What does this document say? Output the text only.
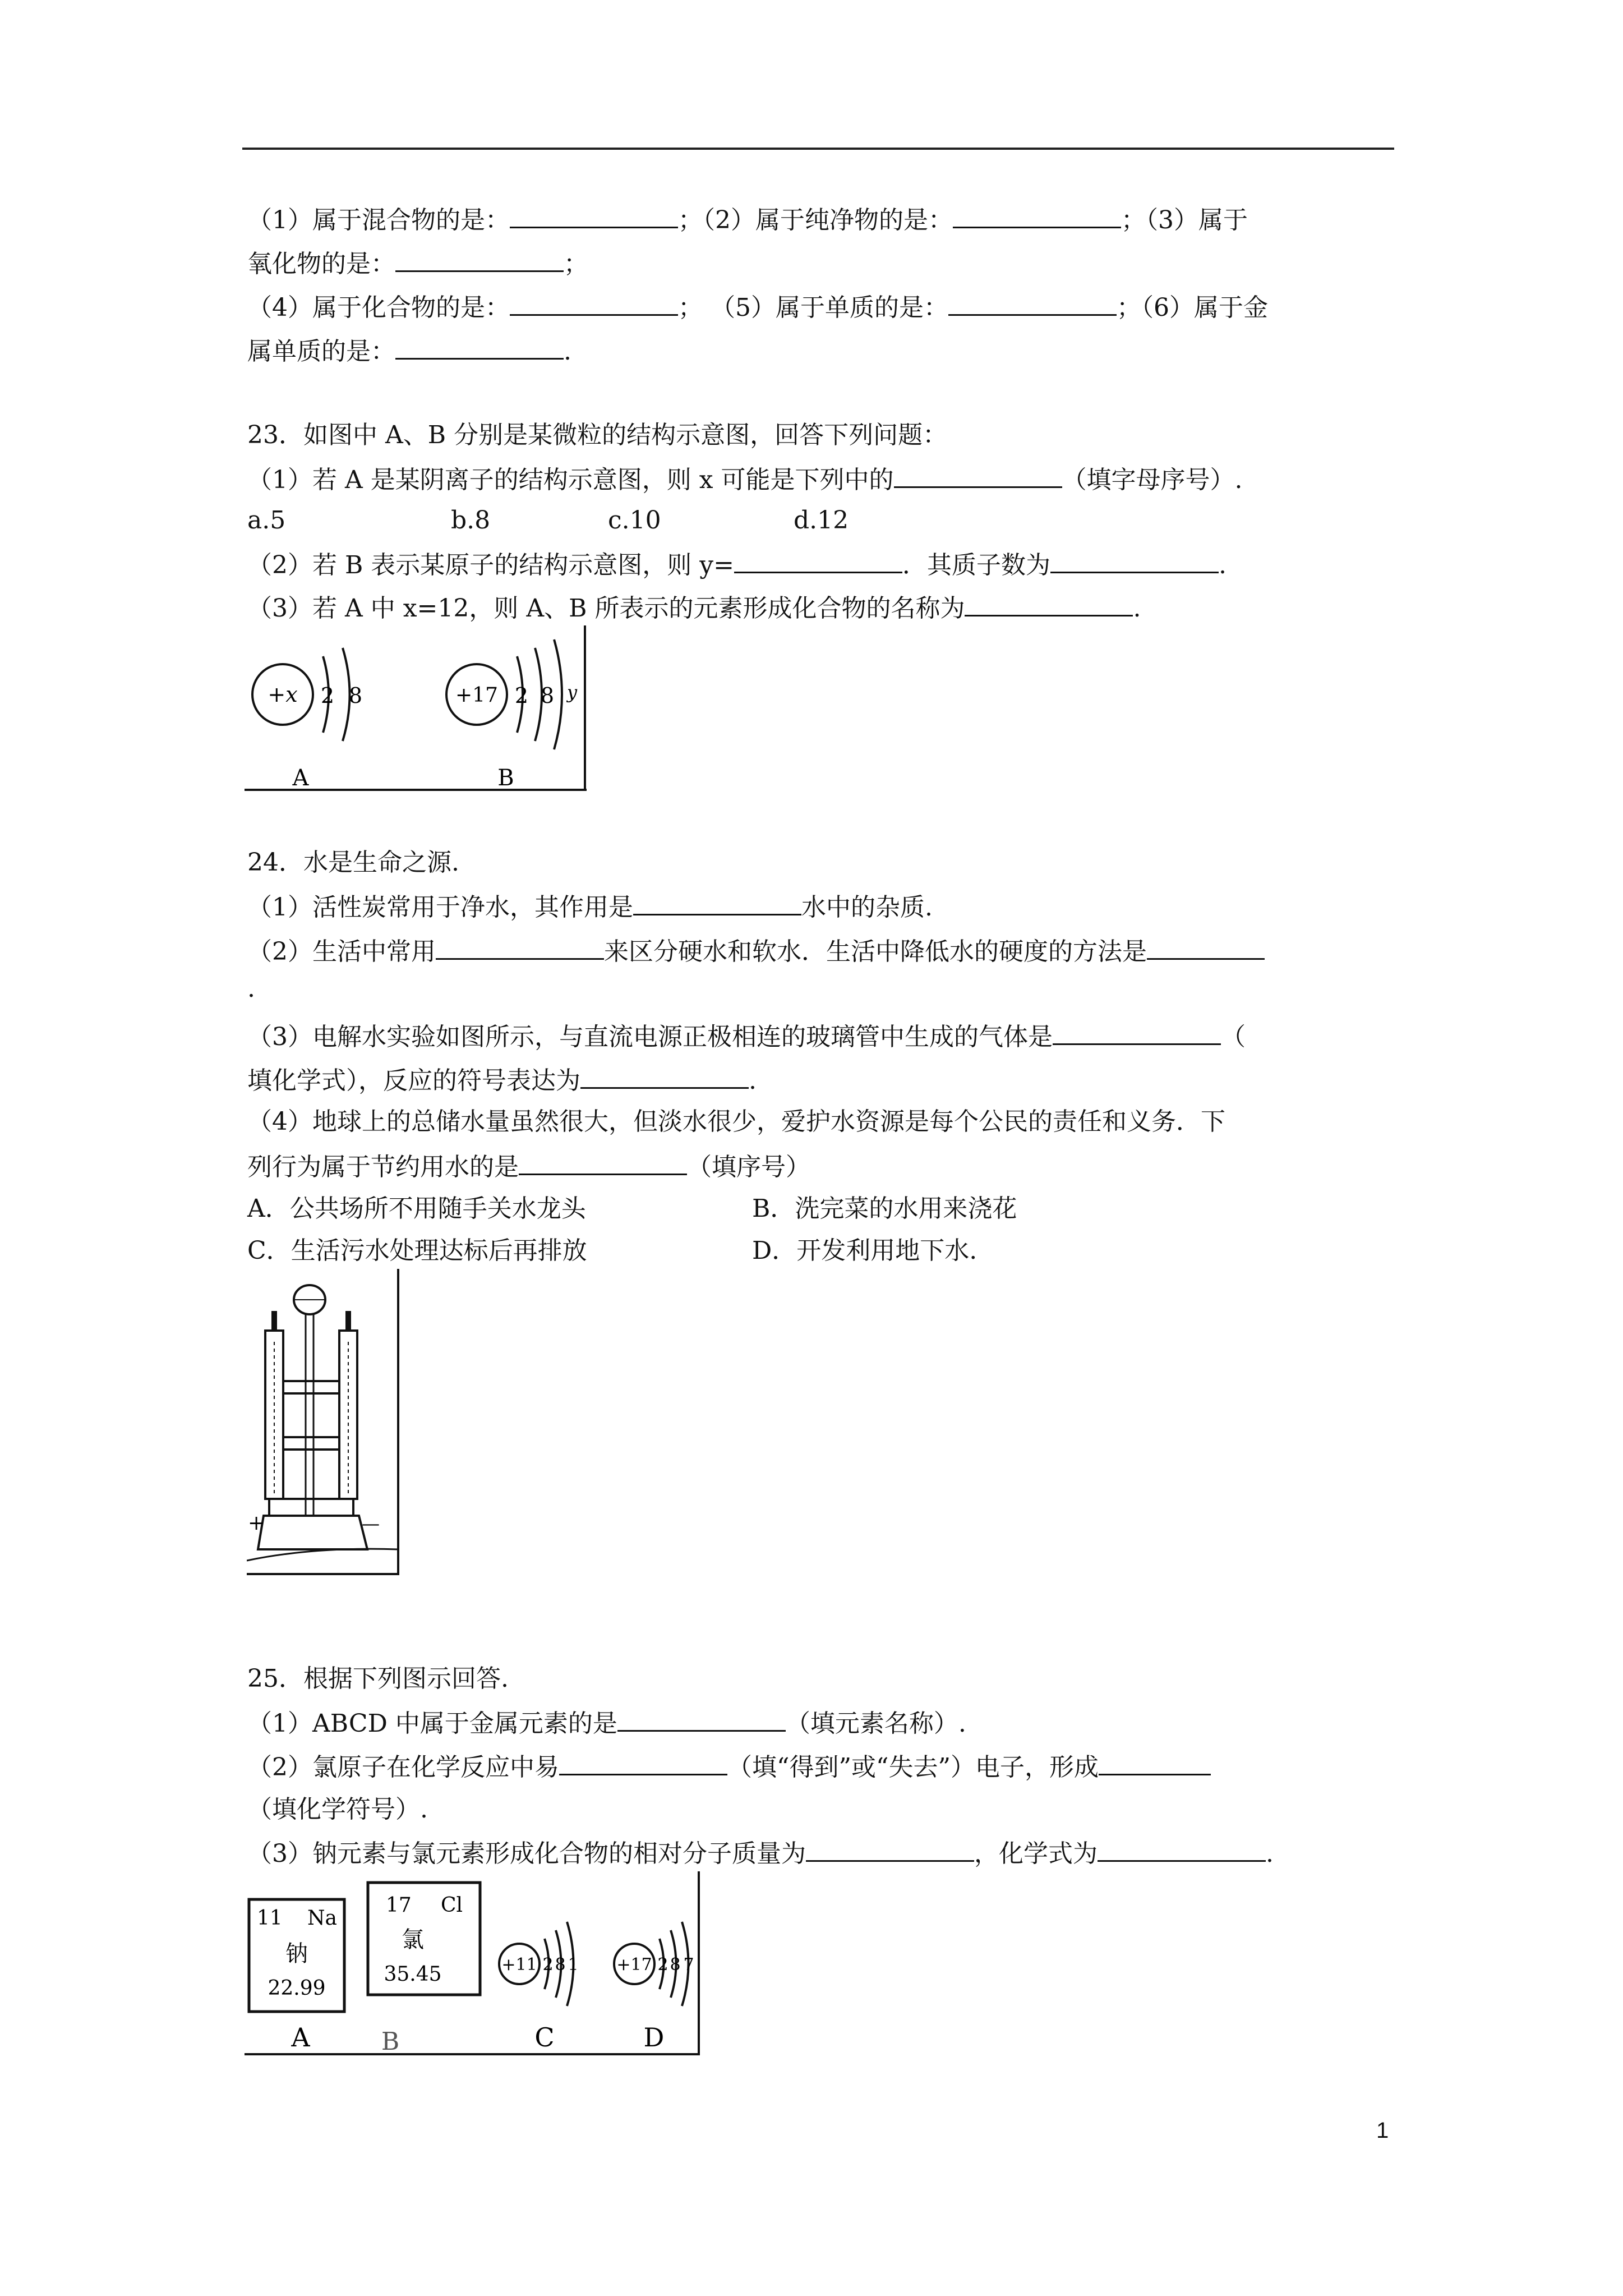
（1）属于混合物的是：	；（2）属于纯净物的是：	；（3）属于
氧化物的是：	；
（4）属于化合物的是：	； （5）属于单质的是：	；（6）属于金
属单质的是：	.
23．如图中 A、B 分别是某微粒的结构示意图，回答下列问题：
（1）若 A 是某阴离子的结构示意图，则 x 可能是下列中的	（填字母序号）.
a.5	b.8	c.10	d.12
（2）若 B 表示某原子的结构示意图，则 y=	．其质子数为	.
（3）若 A 中 x=12，则 A、B 所表示的元素形成化合物的名称为	.
+x 2 8
A
+17 2 8 y
B
24．水是生命之源.
（1）活性炭常用于净水，其作用是	水中的杂质.
（2）生活中常用	来区分硬水和软水．生活中降低水的硬度的方法是
.
（3）电解水实验如图所示，与直流电源正极相连的玻璃管中生成的气体是	（
填化学式），反应的符号表达为	.
（4）地球上的总储水量虽然很大，但淡水很少，爱护水资源是每个公民的责任和义务．下
列行为属于节约用水的是	（填序号）
A．公共场所不用随手关水龙头	B．洗完菜的水用来浇花
C．生活污水处理达标后再排放	D．开发利用地下水.
+	—
25．根据下列图示回答.
（1）ABCD 中属于金属元素的是	（填元素名称）.
（2）氯原子在化学反应中易	（填“得到”或“失去”）电子，形成
（填化学符号）.
（3）钠元素与氯元素形成化合物的相对分子质量为	，化学式为	.
11 Na
钠
22.99
A
17 Cl
氯
35.45
B
+11 2 8 1
C
+17 2 8 7
D
1
